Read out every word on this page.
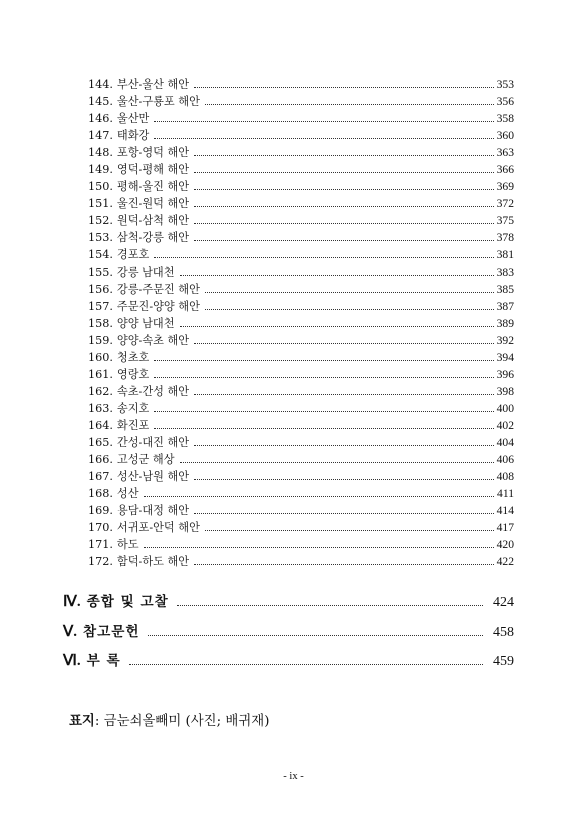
144. 부산-울산 해안	353
145. 울산-구룡포 해안	356
146. 울산만	358
147. 태화강	360
148. 포항-영덕 해안	363
149. 영덕-평해 해안	366
150. 평해-울진 해안	369
151. 울진-원덕 해안	372
152. 원덕-삼척 해안	375
153. 삼척-강릉 해안	378
154. 경포호	381
155. 강릉 남대천	383
156. 강릉-주문진 해안	385
157. 주문진-양양 해안	387
158. 양양 남대천	389
159. 양양-속초 해안	392
160. 청초호	394
161. 영랑호	396
162. 속초-간성 해안	398
163. 송지호	400
164. 화진포	402
165. 간성-대진 해안	404
166. 고성군 해상	406
167. 성산-남원 해안	408
168. 성산	411
169. 용담-대정 해안	414
170. 서귀포-안덕 해안	417
171. 하도	420
172. 함덕-하도 해안	422
Ⅳ. 종합 및 고찰	424
Ⅴ. 참고문헌	458
Ⅵ. 부 록	459
표지: 금눈쇠올빼미 (사진; 배귀재)
- ix -
